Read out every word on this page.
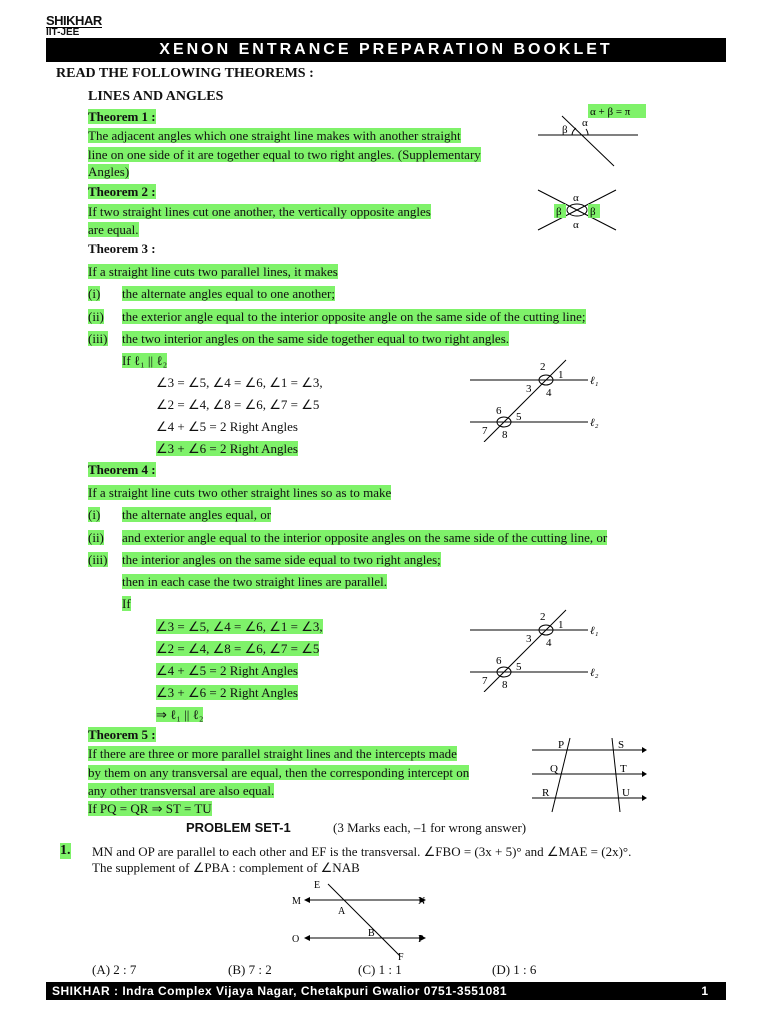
SHIKHAR
IIT-JEE
XENON ENTRANCE PREPARATION BOOKLET
READ THE FOLLOWING THEOREMS :
LINES AND ANGLES
Theorem 1 :
The adjacent angles which one straight line makes with another straight
line on one side of it are together equal to two right angles. (Supplementary
Angles)
α + β = π
β
α
Theorem 2 :
If two straight lines cut one another, the vertically opposite angles
are equal.
β	β
α
α
Theorem 3 :
If a straight line cuts two parallel lines, it makes
(i) the alternate angles equal to one another;
(ii) the exterior angle equal to the interior opposite angle on the same side of the cutting line;
(iii) the two interior angles on the same side together equal to two right angles.
If ℓ₁ || ℓ₂
∠3 = ∠5, ∠4 = ∠6, ∠1 = ∠3,
∠2 = ∠4, ∠8 = ∠6, ∠7 = ∠5
∠4 + ∠5 = 2 Right Angles
∠3 + ∠6 = 2 Right Angles
2
1
3 4
6 5
7 8
ℓ₁
ℓ₂
Theorem 4 :
If a straight line cuts two other straight lines so as to make
(i) the alternate angles equal, or
(ii) and exterior angle equal to the interior opposite angles on the same side of the cutting line, or
(iii) the interior angles on the same side equal to two right angles;
then in each case the two straight lines are parallel.
If
∠3 = ∠5, ∠4 = ∠6, ∠1 = ∠3,
∠2 = ∠4, ∠8 = ∠6, ∠7 = ∠5
∠4 + ∠5 = 2 Right Angles
∠3 + ∠6 = 2 Right Angles
⇒ ℓ₁ || ℓ₂
2
1
3 4
6 5
7 8
ℓ₁
ℓ₂
Theorem 5 :
If there are three or more parallel straight lines and the intercepts made
by them on any transversal are equal, then the corresponding intercept on
any other transversal are also equal.
If PQ = QR ⇒ ST = TU
P
Q
R
S
T
U
PROBLEM SET-1	(3 Marks each, –1 for wrong answer)
1. MN and OP are parallel to each other and EF is the transversal. ∠FBO = (3x + 5)° and ∠MAE = (2x)°.
The supplement of ∠PBA : complement of ∠NAB
E
M	N
A
B
O	P
F
(A) 2 : 7	(B) 7 : 2	(C) 1 : 1	(D) 1 : 6
SHIKHAR : Indra Complex Vijaya Nagar, Chetakpuri Gwalior 0751-3551081	1
